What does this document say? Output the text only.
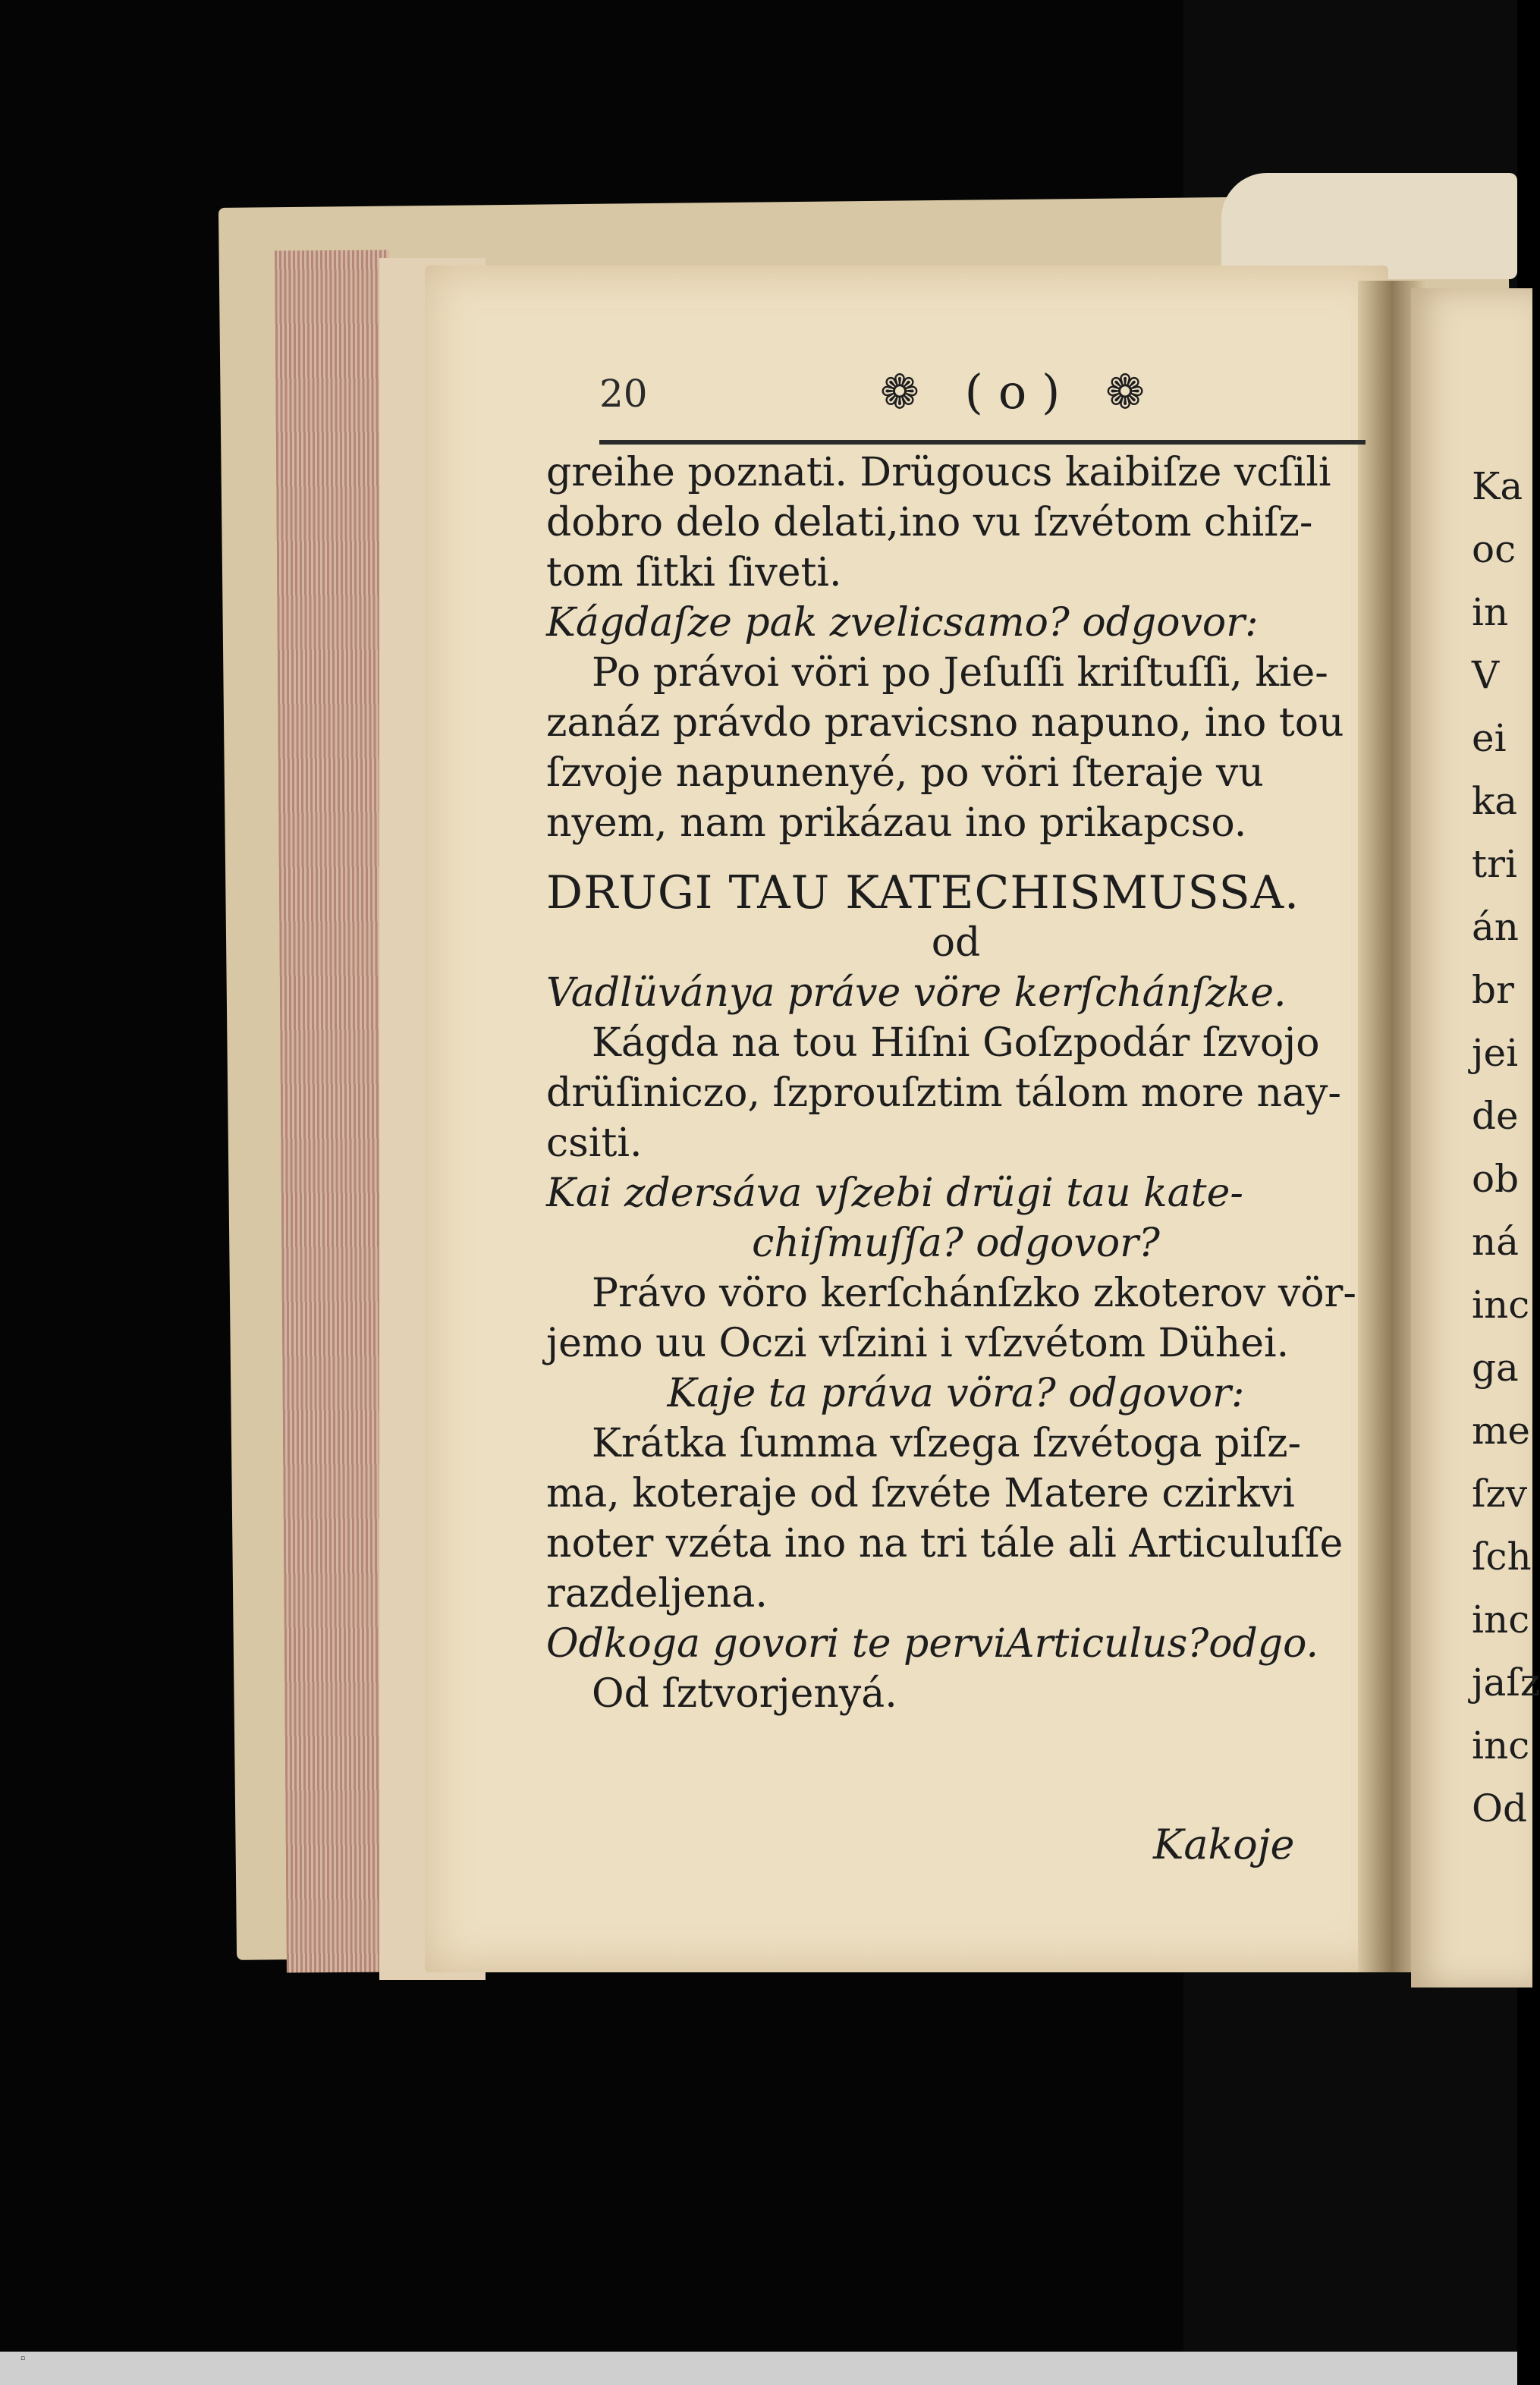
20	❁ (o) ❁
greihe poznati. Drügoucs kaibiſze vcſili
dobro delo delati,ino vu ſzvétom chiſz-
tom ſitki ſiveti.
Kágdaſze pak zvelicsamo? odgovor:
Po právoi vöri po Jeſuſſi kriſtuſſi, kie-
zanáz právdo pravicsno napuno, ino tou
ſzvoje napunenyé, po vöri ſteraje vu
nyem, nam prikázau ino prikapcso.
DRUGI TAU KATECHISMUSSA.
od
Vadlüványa práve vöre kerſchánſzke.
Kágda na tou Hiſni Goſzpodár ſzvojo
drüſiniczo, ſzprouſztim tálom more nay-
csiti.
Kai zdersáva vſzebi drügi tau kate-
chiſmuſſa? odgovor?
Právo vöro kerſchánſzko zkoterov vör-
jemo uu Oczi vſzini i vſzvétom Dühei.
Kaje ta práva vöra? odgovor:
Krátka ſumma vſzega ſzvétoga piſz-
ma, koteraje od ſzvéte Matere czirkvi
noter vzéta ino na tri tále ali Articuluſſe
razdeljena.
Odkoga govori te perviArticulus?odgo.
Od ſztvorjenyá.
Kakoje
Ka
oc
in
V
ei
ka
tri
án
br
jei
de
ob
ná
inc
ga
me
ſzv
ſch
inc
jaſz
inc
Od
▫
